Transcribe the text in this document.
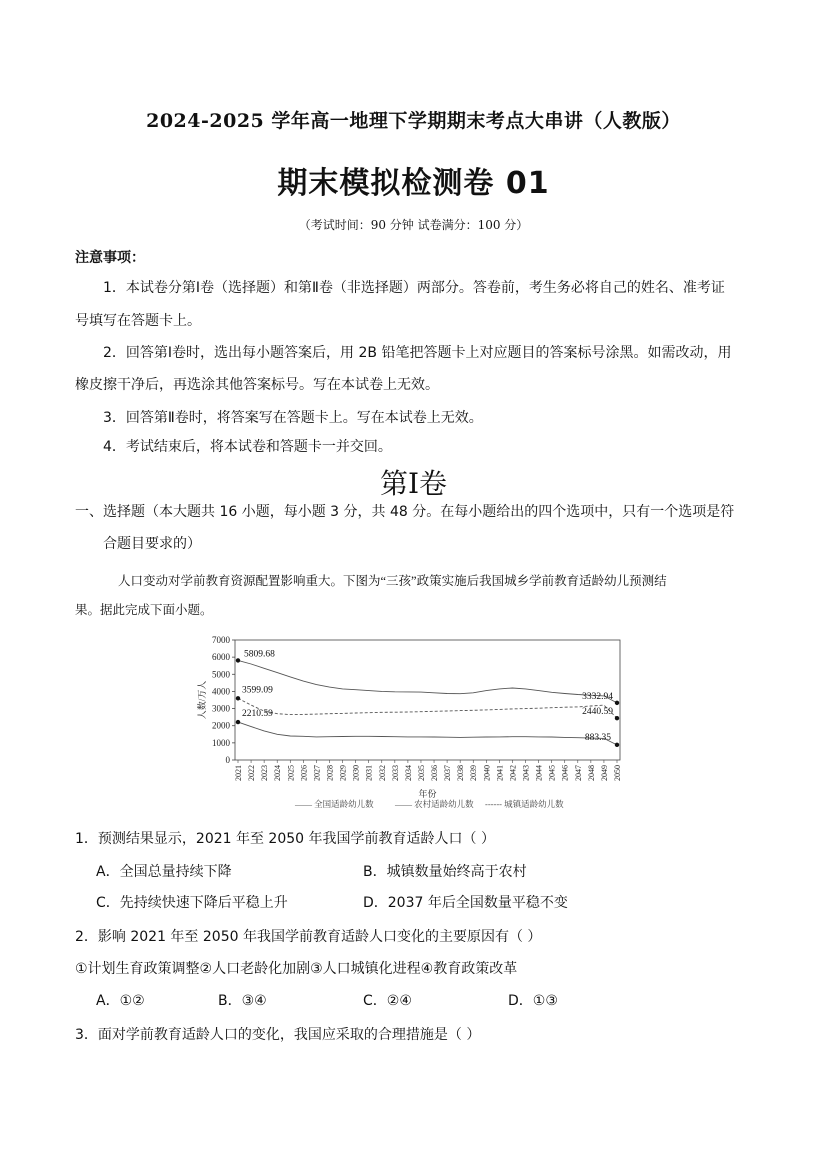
2024-2025 学年高一地理下学期期末考点大串讲（人教版）
期末模拟检测卷 01
（考试时间：90 分钟 试卷满分：100 分）
注意事项：
1．本试卷分第Ⅰ卷（选择题）和第Ⅱ卷（非选择题）两部分。答卷前，考生务必将自己的姓名、准考证
号填写在答题卡上。
2．回答第Ⅰ卷时，选出每小题答案后，用 2B 铅笔把答题卡上对应题目的答案标号涂黑。如需改动，用
橡皮擦干净后，再选涂其他答案标号。写在本试卷上无效。
3．回答第Ⅱ卷时，将答案写在答题卡上。写在本试卷上无效。
4．考试结束后，将本试卷和答题卡一并交回。
第Ⅰ卷
一、选择题（本大题共 16 小题，每小题 3 分，共 48 分。在每小题给出的四个选项中，只有一个选项是符
合题目要求的）
人口变动对学前教育资源配置影响重大。下图为“三孩”政策实施后我国城乡学前教育适龄幼儿预测结
果。据此完成下面小题。
0
1000
2000
3000
4000
5000
6000
7000
2021 2022 2023 2024 2025 2026 2027 2028 2029 2030 2031 2032 2033 2034 2035 2036 2037 2038 2039 2040 2041 2042 2043 2044 2045 2046 2047 2048 2049 2050
年份
人数/万人
5809.68
3599.09
2210.59
3332.94
2440.59
883.35
—— 全国适龄幼儿数	—— 农村适龄幼儿数 ------ 城镇适龄幼儿数
1．预测结果显示，2021 年至 2050 年我国学前教育适龄人口（ ）
A．全国总量持续下降	B．城镇数量始终高于农村
C．先持续快速下降后平稳上升	D．2037 年后全国数量平稳不变
2．影响 2021 年至 2050 年我国学前教育适龄人口变化的主要原因有（ ）
①计划生育政策调整②人口老龄化加剧③人口城镇化进程④教育政策改革
A．①②	B．③④	C．②④	D．①③
3．面对学前教育适龄人口的变化，我国应采取的合理措施是（ ）
